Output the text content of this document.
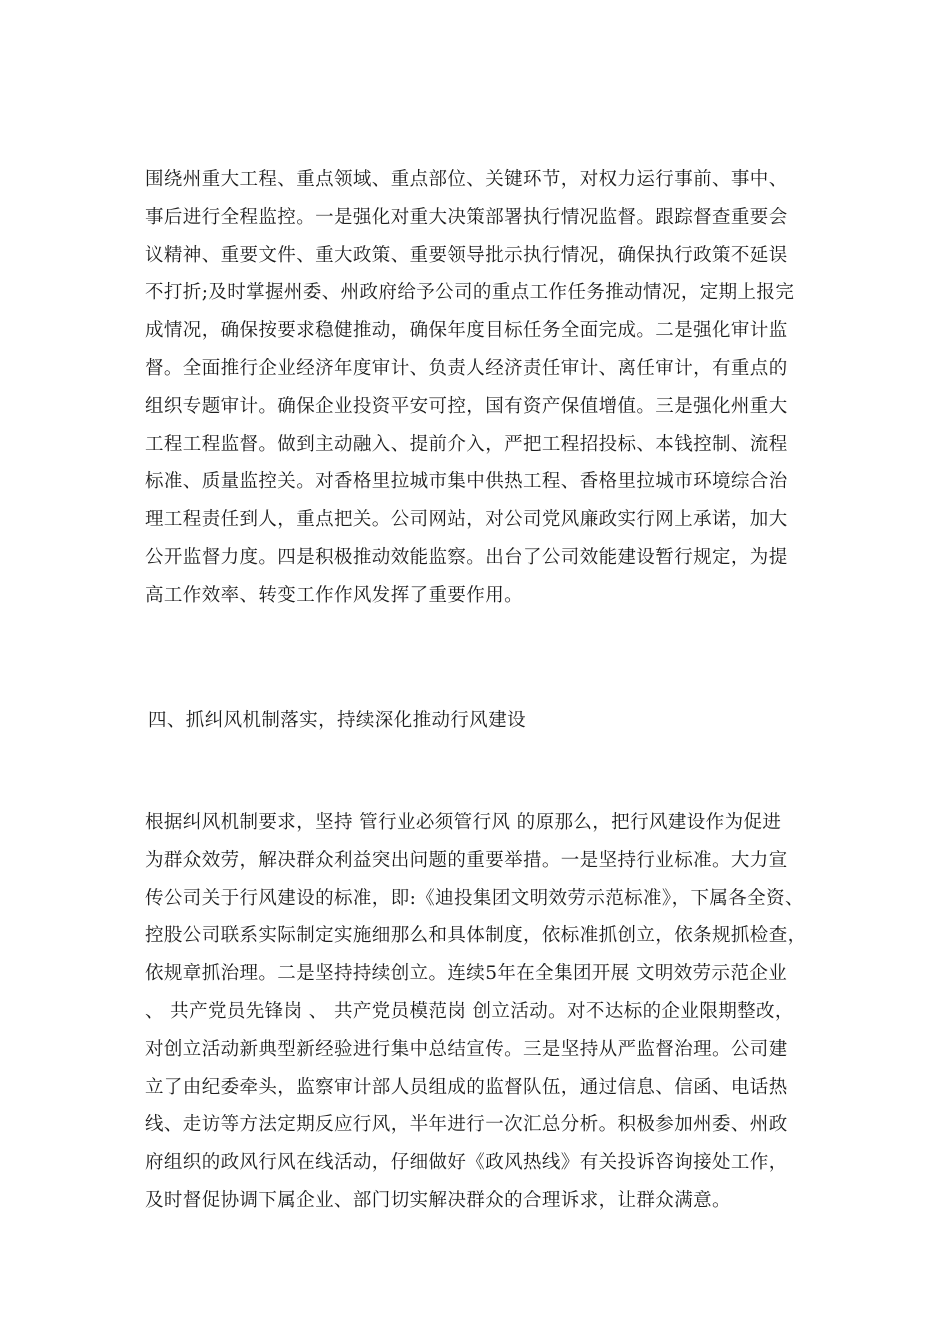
围绕州重大工程、重点领域、重点部位、关键环节，对权力运行事前、事中、
事后进行全程监控。一是强化对重大决策部署执行情况监督。跟踪督查重要会
议精神、重要文件、重大政策、重要领导批示执行情况，确保执行政策不延误
不打折;及时掌握州委、州政府给予公司的重点工作任务推动情况，定期上报完
成情况，确保按要求稳健推动，确保年度目标任务全面完成。二是强化审计监
督。全面推行企业经济年度审计、负责人经济责任审计、离任审计，有重点的
组织专题审计。确保企业投资平安可控，国有资产保值增值。三是强化州重大
工程工程监督。做到主动融入、提前介入，严把工程招投标、本钱控制、流程
标准、质量监控关。对香格里拉城市集中供热工程、香格里拉城市环境综合治
理工程责任到人，重点把关。公司网站，对公司党风廉政实行网上承诺，加大
公开监督力度。四是积极推动效能监察。出台了公司效能建设暂行规定，为提
高工作效率、转变工作作风发挥了重要作用。
四、抓纠风机制落实，持续深化推动行风建设
根据纠风机制要求，坚持 管行业必须管行风 的原那么，把行风建设作为促进
为群众效劳，解决群众利益突出问题的重要举措。一是坚持行业标准。大力宣
传公司关于行风建设的标准，即:《迪投集团文明效劳示范标准》，下属各全资、
控股公司联系实际制定实施细那么和具体制度，依标准抓创立，依条规抓检查，
依规章抓治理。二是坚持持续创立。连续5年在全集团开展 文明效劳示范企业
、 共产党员先锋岗 、 共产党员模范岗 创立活动。对不达标的企业限期整改，
对创立活动新典型新经验进行集中总结宣传。三是坚持从严监督治理。公司建
立了由纪委牵头，监察审计部人员组成的监督队伍，通过信息、信函、电话热
线、走访等方法定期反应行风，半年进行一次汇总分析。积极参加州委、州政
府组织的政风行风在线活动，仔细做好《政风热线》有关投诉咨询接处工作，
及时督促协调下属企业、部门切实解决群众的合理诉求，让群众满意。
